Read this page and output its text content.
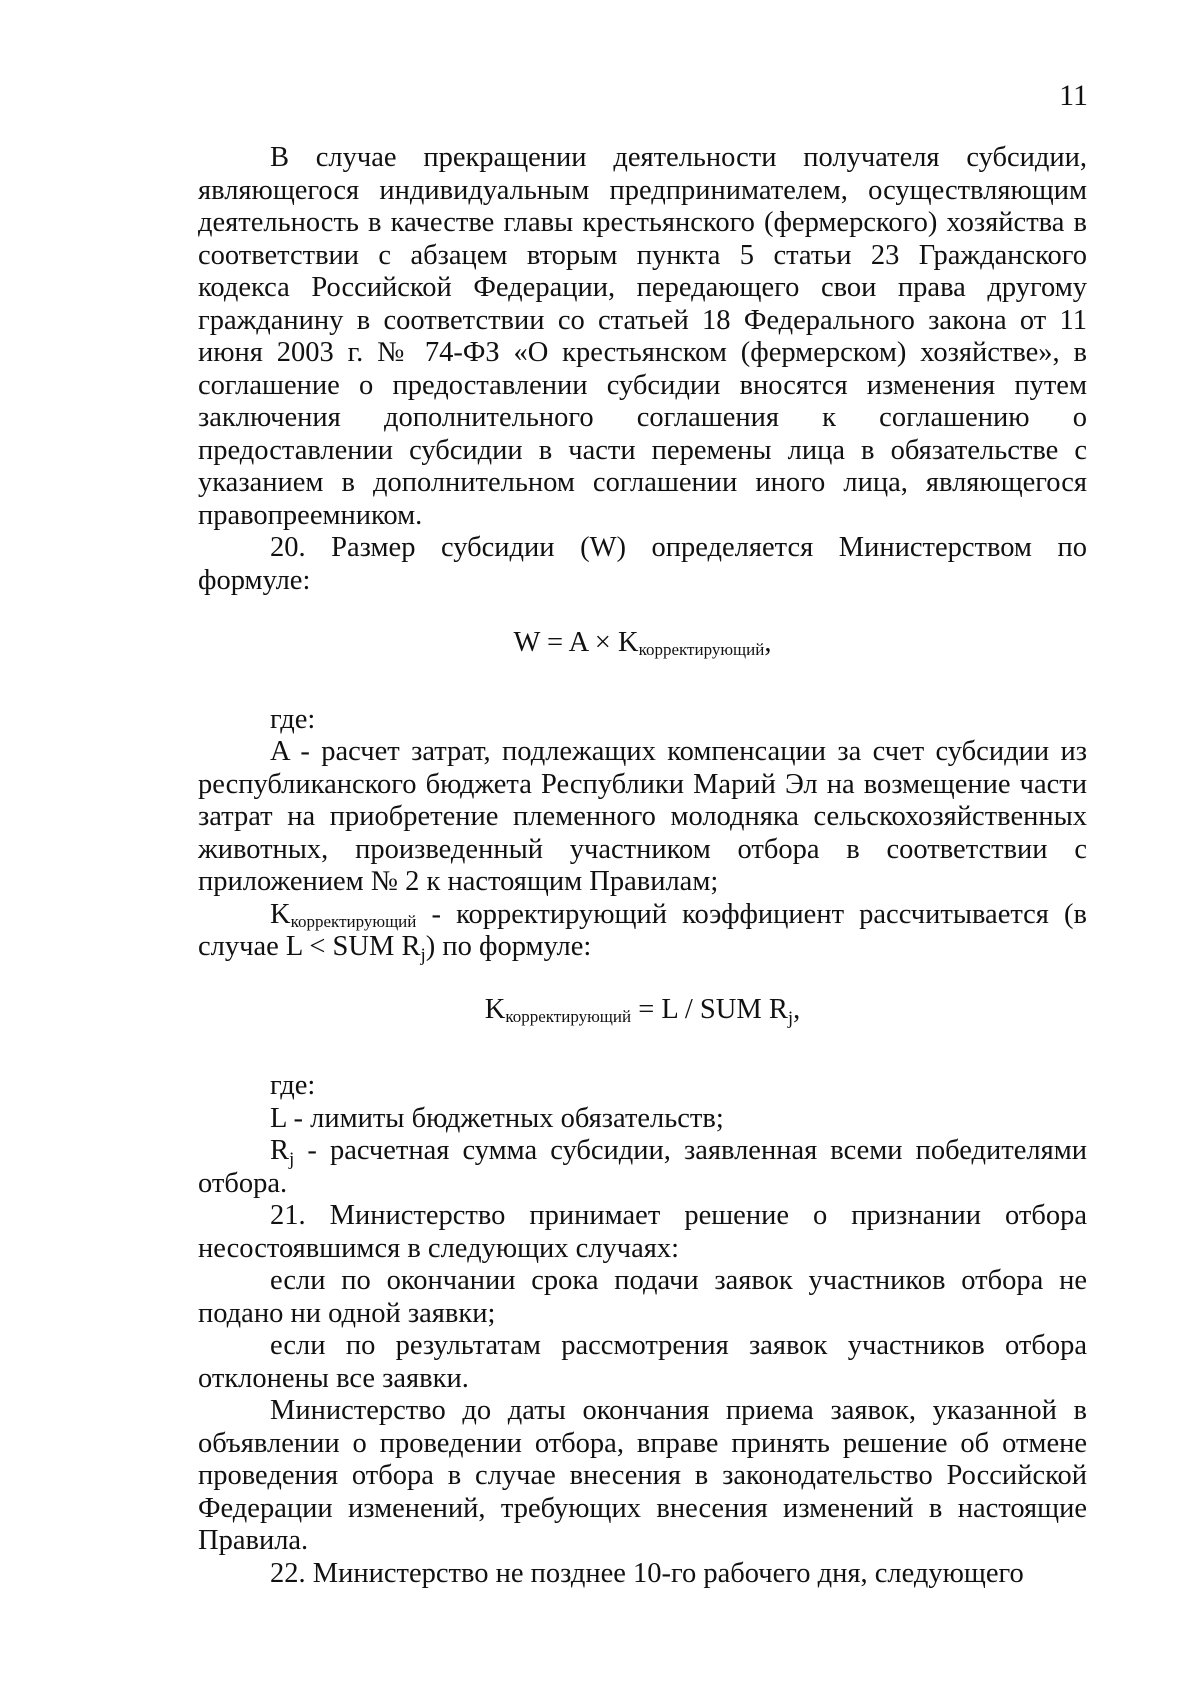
11

В случае прекращении деятельности получателя субсидии, являющегося индивидуальным предпринимателем, осуществляющим деятельность в качестве главы крестьянского (фермерского) хозяйства в соответствии с абзацем вторым пункта 5 статьи 23 Гражданского кодекса Российской Федерации, передающего свои права другому гражданину в соответствии со статьей 18 Федерального закона от 11 июня 2003 г. № 74-ФЗ «О крестьянском (фермерском) хозяйстве», в соглашение о предоставлении субсидии вносятся изменения путем заключения дополнительного соглашения к соглашению о предоставлении субсидии в части перемены лица в обязательстве с указанием в дополнительном соглашении иного лица, являющегося правопреемником.

20. Размер субсидии (W) определяется Министерством по формуле:

$W = A \times K_{корректирующий}$,

где:

A - расчет затрат, подлежащих компенсации за счет субсидии из республиканского бюджета Республики Марий Эл на возмещение части затрат на приобретение племенного молодняка сельскохозяйственных животных, произведенный участником отбора в соответствии с приложением № 2 к настоящим Правилам;

$K_{корректирующий}$ - корректирующий коэффициент рассчитывается (в случае L < SUM $R_j$) по формуле:

$K_{корректирующий} = L$ / SUM $R_j$,

где:

L - лимиты бюджетных обязательств;

$R_j$ - расчетная сумма субсидии, заявленная всеми победителями отбора.

21. Министерство принимает решение о признании отбора несостоявшимся в следующих случаях:

если по окончании срока подачи заявок участников отбора не подано ни одной заявки;

если по результатам рассмотрения заявок участников отбора отклонены все заявки.

Министерство до даты окончания приема заявок, указанной в объявлении о проведении отбора, вправе принять решение об отмене проведения отбора в случае внесения в законодательство Российской Федерации изменений, требующих внесения изменений в настоящие Правила.

22. Министерство не позднее 10-го рабочего дня, следующего
